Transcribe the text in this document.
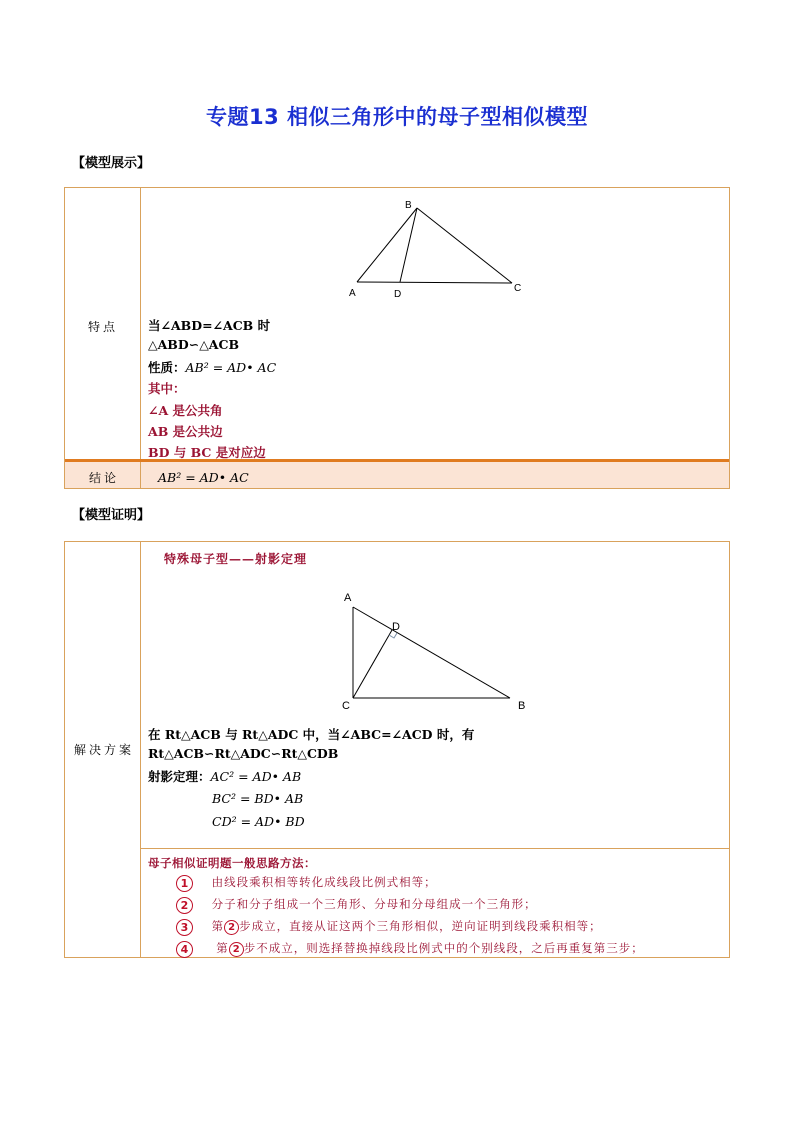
专题13 相似三角形中的母子型相似模型
【模型展示】
特点
结论
B
A	D
C
当∠ABD=∠ACB 时
△ABD∽△ACB
性质：AB² = AD• AC
其中：
∠A 是公共角
AB 是公共边
BD 与 BC 是对应边
AB² = AD• AC
【模型证明】
解决方案
特殊母子型——射影定理
A
D
C	B
在 Rt△ACB 与 Rt△ADC 中，当∠ABC=∠ACD 时，有
Rt△ACB∽Rt△ADC∽Rt△CDB
射影定理：AC² = AD• AB
BC² = BD• AB
CD² = AD• BD
母子相似证明题一般思路方法：
1 由线段乘积相等转化成线段比例式相等；
2 分子和分子组成一个三角形、分母和分母组成一个三角形；
3 第 2 步成立，直接从证这两个三角形相似，逆向证明到线段乘积相等；
4 第 2 步不成立，则选择替换掉线段比例式中的个别线段，之后再重复第三步；
